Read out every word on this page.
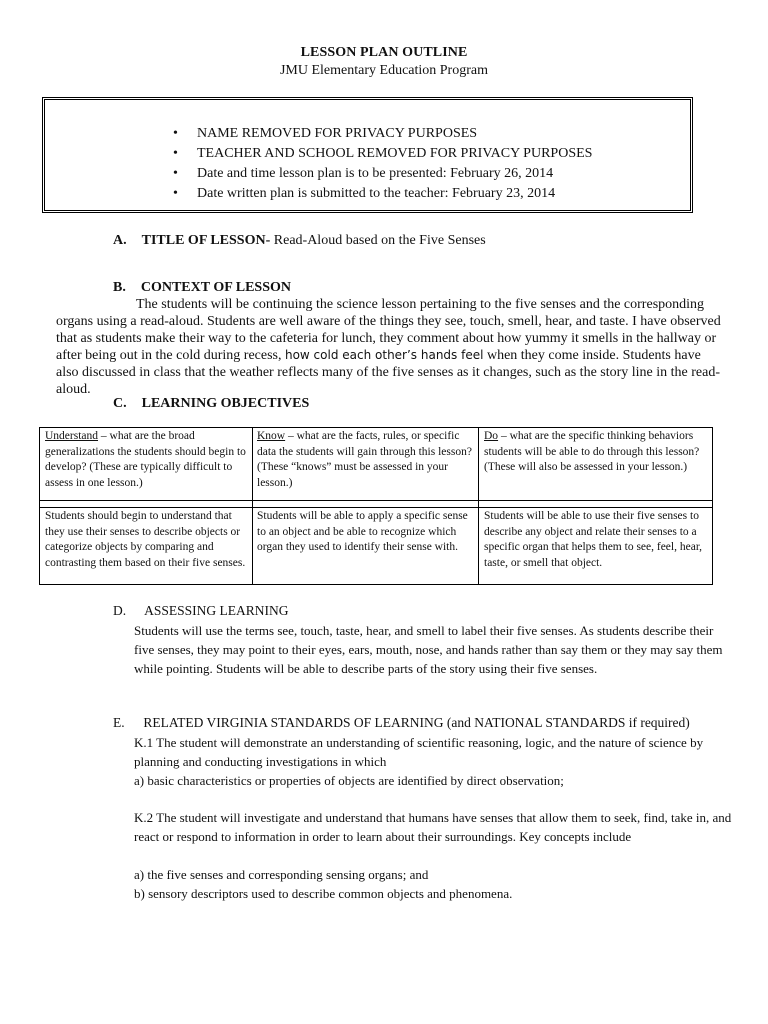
LESSON PLAN OUTLINE
JMU Elementary Education Program
• NAME REMOVED FOR PRIVACY PURPOSES
• TEACHER AND SCHOOL REMOVED FOR PRIVACY PURPOSES
• Date and time lesson plan is to be presented: February 26, 2014
• Date written plan is submitted to the teacher: February 23, 2014
A. TITLE OF LESSON- Read-Aloud based on the Five Senses
B. CONTEXT OF LESSON
The students will be continuing the science lesson pertaining to the five senses and the corresponding organs using a read-aloud. Students are well aware of the things they see, touch, smell, hear, and taste. I have observed that as students make their way to the cafeteria for lunch, they comment about how yummy it smells in the hallway or after being out in the cold during recess, how cold each other’s hands feel when they come inside. Students have also discussed in class that the weather reflects many of the five senses as it changes, such as the story line in the read-aloud.
C. LEARNING OBJECTIVES
Understand – what are the broad generalizations the students should begin to develop? (These are typically difficult to assess in one lesson.)
Know – what are the facts, rules, or specific data the students will gain through this lesson? (These “knows” must be assessed in your lesson.)
Do – what are the specific thinking behaviors students will be able to do through this lesson? (These will also be assessed in your lesson.)
Students should begin to understand that they use their senses to describe objects or categorize objects by comparing and contrasting them based on their five senses.
Students will be able to apply a specific sense to an object and be able to recognize which organ they used to identify their sense with.
Students will be able to use their five senses to describe any object and relate their senses to a specific organ that helps them to see, feel, hear, taste, or smell that object.
D. ASSESSING LEARNING
Students will use the terms see, touch, taste, hear, and smell to label their five senses. As students describe their five senses, they may point to their eyes, ears, mouth, nose, and hands rather than say them or they may say them while pointing. Students will be able to describe parts of the story using their five senses.
E. RELATED VIRGINIA STANDARDS OF LEARNING (and NATIONAL STANDARDS if required)
K.1 The student will demonstrate an understanding of scientific reasoning, logic, and the nature of science by planning and conducting investigations in which
a) basic characteristics or properties of objects are identified by direct observation;
K.2 The student will investigate and understand that humans have senses that allow them to seek, find, take in, and react or respond to information in order to learn about their surroundings. Key concepts include
a) the five senses and corresponding sensing organs; and
b) sensory descriptors used to describe common objects and phenomena.
